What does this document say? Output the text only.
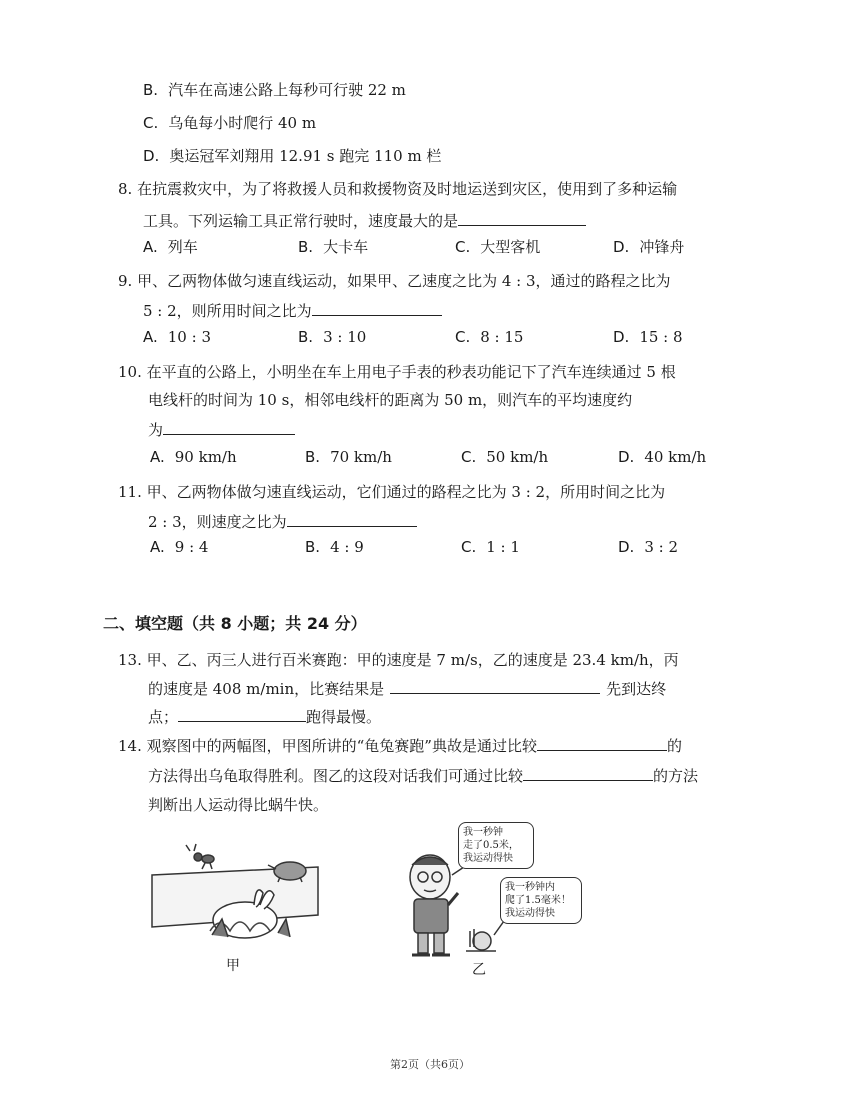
B. 汽车在高速公路上每秒可行驶 22 m
C. 乌龟每小时爬行 40 m
D. 奥运冠军刘翔用 12.91 s 跑完 110 m 栏
8. 在抗震救灾中，为了将救援人员和救援物资及时地运送到灾区，使用到了多种运输
工具。下列运输工具正常行驶时，速度最大的是
A. 列车	B. 大卡车	C. 大型客机	D. 冲锋舟
9. 甲、乙两物体做匀速直线运动，如果甲、乙速度之比为 4 : 3，通过的路程之比为
5 : 2，则所用时间之比为
A. 10 : 3	B. 3 : 10	C. 8 : 15	D. 15 : 8
10. 在平直的公路上，小明坐在车上用电子手表的秒表功能记下了汽车连续通过 5 根
电线杆的时间为 10 s，相邻电线杆的距离为 50 m，则汽车的平均速度约
为
A. 90 km/h	B. 70 km/h	C. 50 km/h	D. 40 km/h
11. 甲、乙两物体做匀速直线运动，它们通过的路程之比为 3 : 2，所用时间之比为
2 : 3，则速度之比为
A. 9 : 4	B. 4 : 9	C. 1 : 1	D. 3 : 2
二、填空题（共 8 小题；共 24 分）
13. 甲、乙、丙三人进行百米赛跑：甲的速度是 7 m/s，乙的速度是 23.4 km/h，丙
的速度是 408 m/min，比赛结果是	先到达终
点；	跑得最慢。
14. 观察图中的两幅图，甲图所讲的“龟兔赛跑”典故是通过比较	的
方法得出乌龟取得胜利。图乙的这段对话我们可通过比较	的方法
判断出人运动得比蜗牛快。
甲
我一秒钟
走了0.5米，
我运动得快
我一秒钟内
爬了1.5毫米！
我运动得快
乙
第2页（共6页）
